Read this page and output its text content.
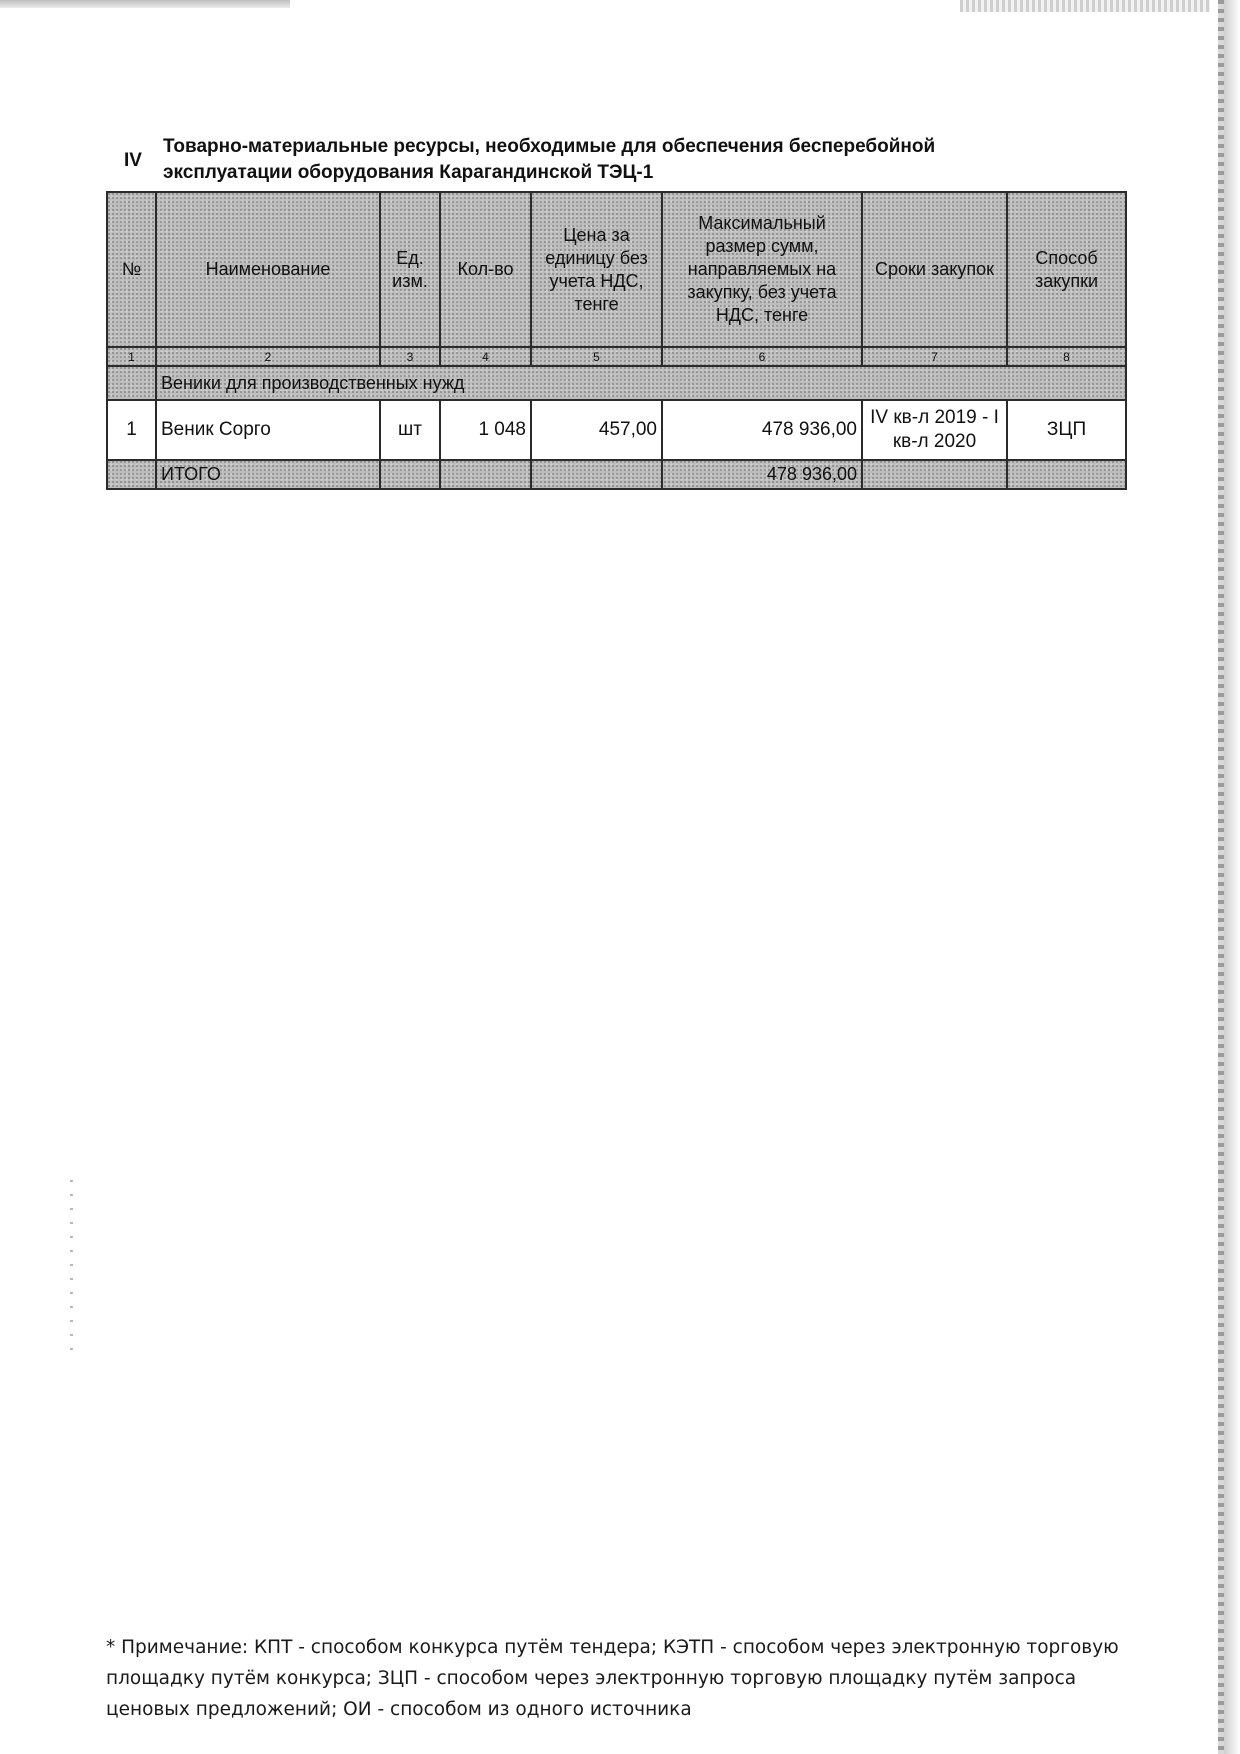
IV
Товарно-материальные ресурсы, необходимые для обеспечения бесперебойной эксплуатации оборудования Карагандинской ТЭЦ-1
№	Наименование	Ед. изм.	Кол-во	Цена за единицу без учета НДС, тенге	Максимальный размер сумм, направляемых на закупку, без учета НДС, тенге	Сроки закупок	Способ закупки
1	2	3	4	5	6	7	8
	Веники для производственных нужд						
1	Веник Сорго	шт	1 048	457,00	478 936,00	IV кв-л 2019 - I кв-л 2020	ЗЦП
	ИТОГО				478 936,00		
* Примечание: КПТ - способом конкурса путём тендера; КЭТП - способом через электронную торговую площадку путём конкурса; ЗЦП - способом через электронную торговую площадку путём запроса ценовых предложений; ОИ - способом из одного источника
